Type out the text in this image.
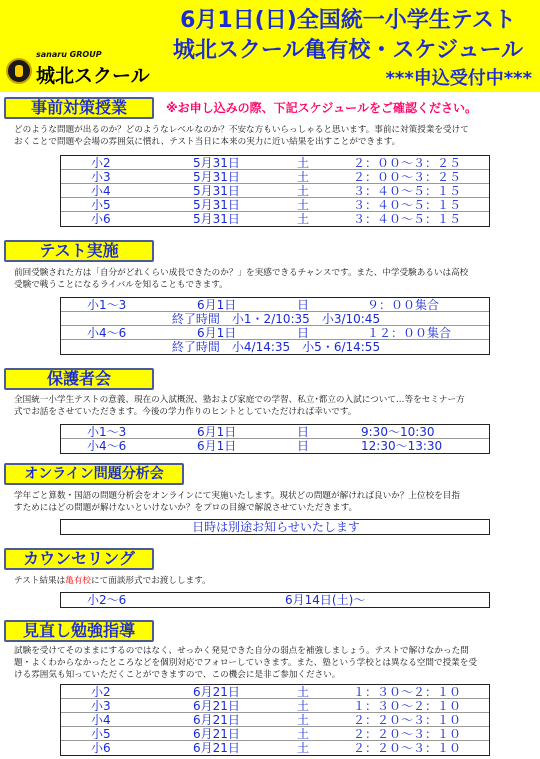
6月1日(日)全国統一小学生テスト
城北スクール亀有校・スケジュール
***申込受付中***
sanaru GROUP
城北スクール
事前対策授業	※お申し込みの際、下記スケジュールをご確認ください。
どのような問題が出るのか？どのようなレベルなのか？不安な方もいらっしゃると思います。事前に対策授業を受けて
おくことで問題や会場の雰囲気に慣れ、テスト当日に本来の実力に近い結果を出すことができます。
小2	5月31日	土	２：００～３：２５
小3	5月31日	土	２：００～３：２５
小4	5月31日	土	３：４０～５：１５
小5	5月31日	土	３：４０～５：１５
小6	5月31日	土	３：４０～５：１５
テスト実施
前回受験された方は「自分がどれくらい成長できたのか？」を実感できるチャンスです。また、中学受験あるいは高校
受験で戦うことになるライバルを知ることもできます。
小1～3	6月1日	日	９：００集合
終了時間　小1・2/10:35　小3/10:45
小4～6	6月1日	日	１２：００集合
終了時間　小4/14:35　小5・6/14:55
保護者会
全国統一小学生テストの意義、現在の入試概況、塾および家庭での学習、私立･都立の入試について…等をセミナー方
式でお話をさせていただきます。今後の学力作りのヒントとしていただければ幸いです。
小1～3	6月1日	日	9:30～10:30
小4～6	6月1日	日	12:30～13:30
オンライン問題分析会
学年ごと算数・国語の問題分析会をオンラインにて実施いたします。現状どの問題が解ければ良いか？上位校を目指
すためにはどの問題が解けないといけないか？をプロの目線で解説させていただきます。
日時は別途お知らせいたします
カウンセリング
テスト結果は亀有校にて面談形式でお渡しします。
小2～6	6月14日(土)～
見直し勉強指導
試験を受けてそのままにするのではなく、せっかく発見できた自分の弱点を補強しましょう。テストで解けなかった問
題・よくわからなかったところなどを個別対応でフォローしていきます。また、塾という学校とは異なる空間で授業を受
ける雰囲気も知っていただくことができますので、この機会に是非ご参加ください。
小2	6月21日	土	１：３０～２：１０
小3	6月21日	土	１：３０～２：１０
小4	6月21日	土	２：２０～３：１０
小5	6月21日	土	２：２０～３：１０
小6	6月21日	土	２：２０～３：１０
